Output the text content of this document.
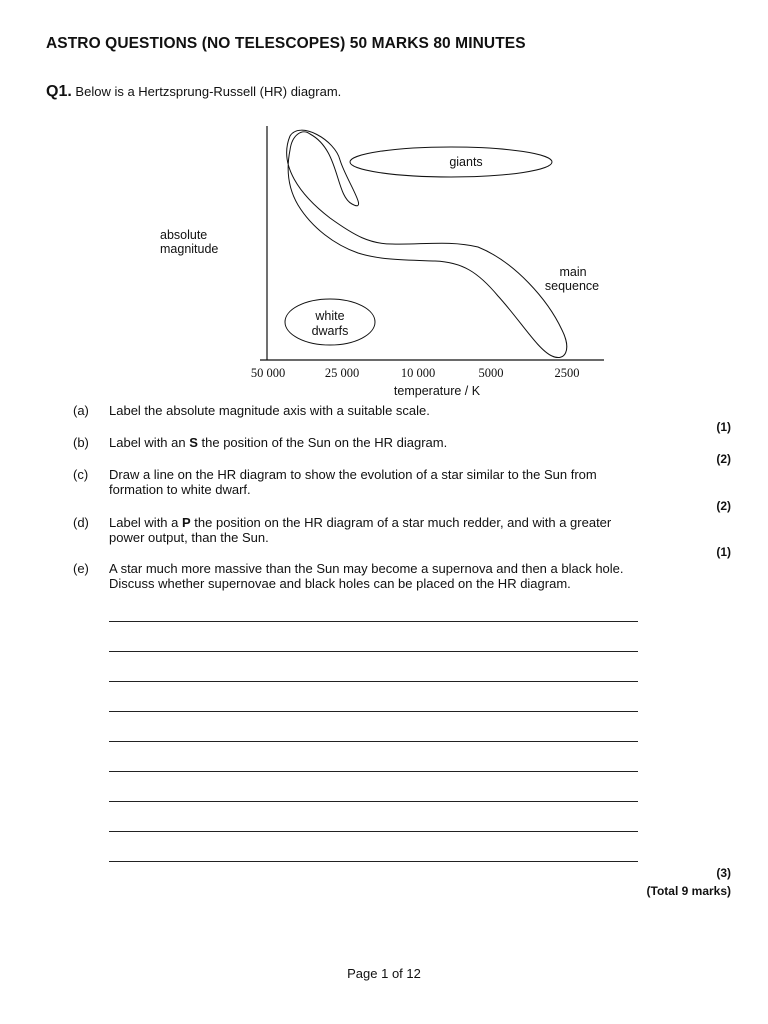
ASTRO QUESTIONS (NO TELESCOPES) 50 MARKS 80 MINUTES
Q1. Below is a Hertzsprung-Russell (HR) diagram.
giants
main
sequence
white
dwarfs
absolute
magnitude
50 000	25 000	10 000	5000	2500
temperature / K
(a) Label the absolute magnitude axis with a suitable scale.
(1)
(b) Label with an S the position of the Sun on the HR diagram.
(2)
(c) Draw a line on the HR diagram to show the evolution of a star similar to the Sun from
formation to white dwarf.
(2)
(d) Label with a P the position on the HR diagram of a star much redder, and with a greater
power output, than the Sun.
(1)
(e) A star much more massive than the Sun may become a supernova and then a black hole.
Discuss whether supernovae and black holes can be placed on the HR diagram.
(3)
(Total 9 marks)
Page 1 of 12
